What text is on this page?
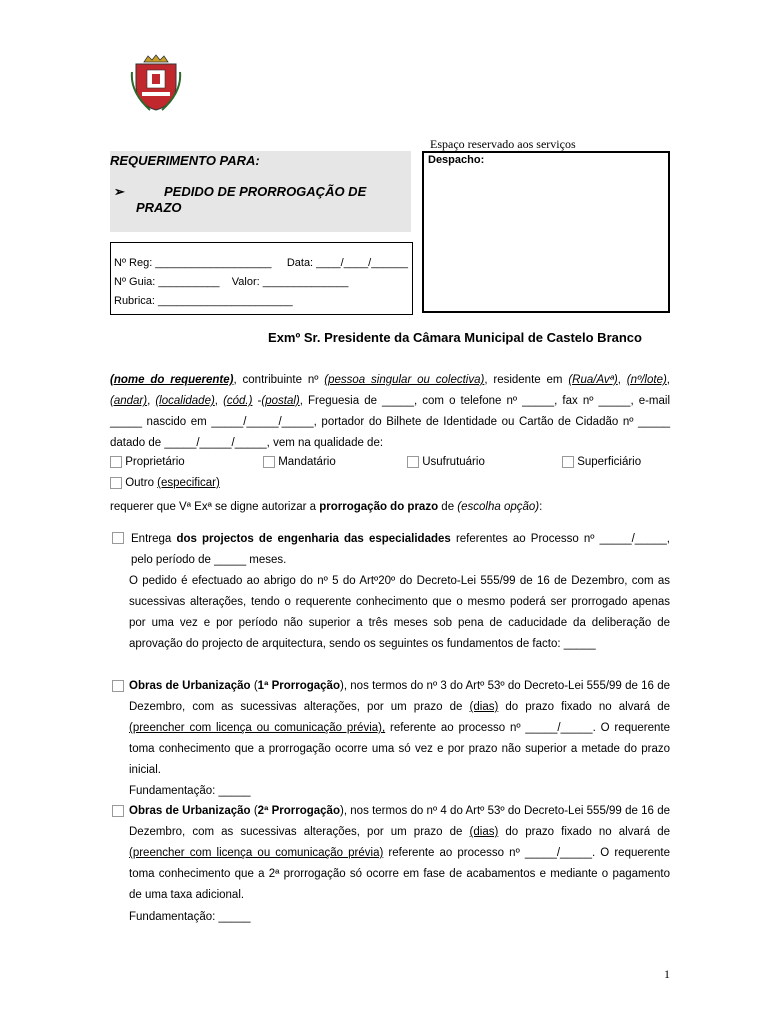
REQUERIMENTO PARA:
➢	PEDIDO DE PRORROGAÇÃO DE PRAZO
Nº Reg: ___________________     Data: ____/____/______
Nº Guia: __________    Valor: ______________
Rubrica: ______________________
Espaço reservado aos serviços
Despacho:
Exmº Sr. Presidente da Câmara Municipal de Castelo Branco
(nome do requerente), contribuinte nº (pessoa singular ou colectiva), residente em (Rua/Avª), (nº/lote), (andar), (localidade), (cód.) -(postal), Freguesia de _____, com o telefone nº _____, fax nº _____, e-mail _____ nascido em _____/_____/_____, portador do Bilhete de Identidade ou Cartão de Cidadão nº _____ datado de _____/_____/_____, vem na qualidade de:
Proprietário	Mandatário	Usufrutuário	Superficiário
Outro (especificar)
requerer que Vª Exª se digne autorizar a prorrogação do prazo de (escolha opção):
Entrega dos projectos de engenharia das especialidades referentes ao Processo nº _____/_____, pelo período de _____ meses.
O pedido é efectuado ao abrigo do nº 5 do Artº20º do Decreto-Lei 555/99 de 16 de Dezembro, com as sucessivas alterações, tendo o requerente conhecimento que o mesmo poderá ser prorrogado apenas por uma vez e por período não superior a três meses sob pena de caducidade da deliberação de aprovação do projecto de arquitectura, sendo os seguintes os fundamentos de facto: _____
Obras de Urbanização (1ª Prorrogação), nos termos do nº 3 do Artº 53º do Decreto-Lei 555/99 de 16 de Dezembro, com as sucessivas alterações, por um prazo de (dias) do prazo fixado no alvará de (preencher com licença ou comunicação prévia), referente ao processo nº _____/_____. O requerente toma conhecimento que a prorrogação ocorre uma só vez e por prazo não superior a metade do prazo inicial.
Fundamentação: _____
Obras de Urbanização (2ª Prorrogação), nos termos do nº 4 do Artº 53º do Decreto-Lei 555/99 de 16 de Dezembro, com as sucessivas alterações, por um prazo de (dias) do prazo fixado no alvará de (preencher com licença ou comunicação prévia) referente ao processo nº _____/_____. O requerente toma conhecimento que a 2ª prorrogação só ocorre em fase de acabamentos e mediante o pagamento de uma taxa adicional.
Fundamentação: _____
1
